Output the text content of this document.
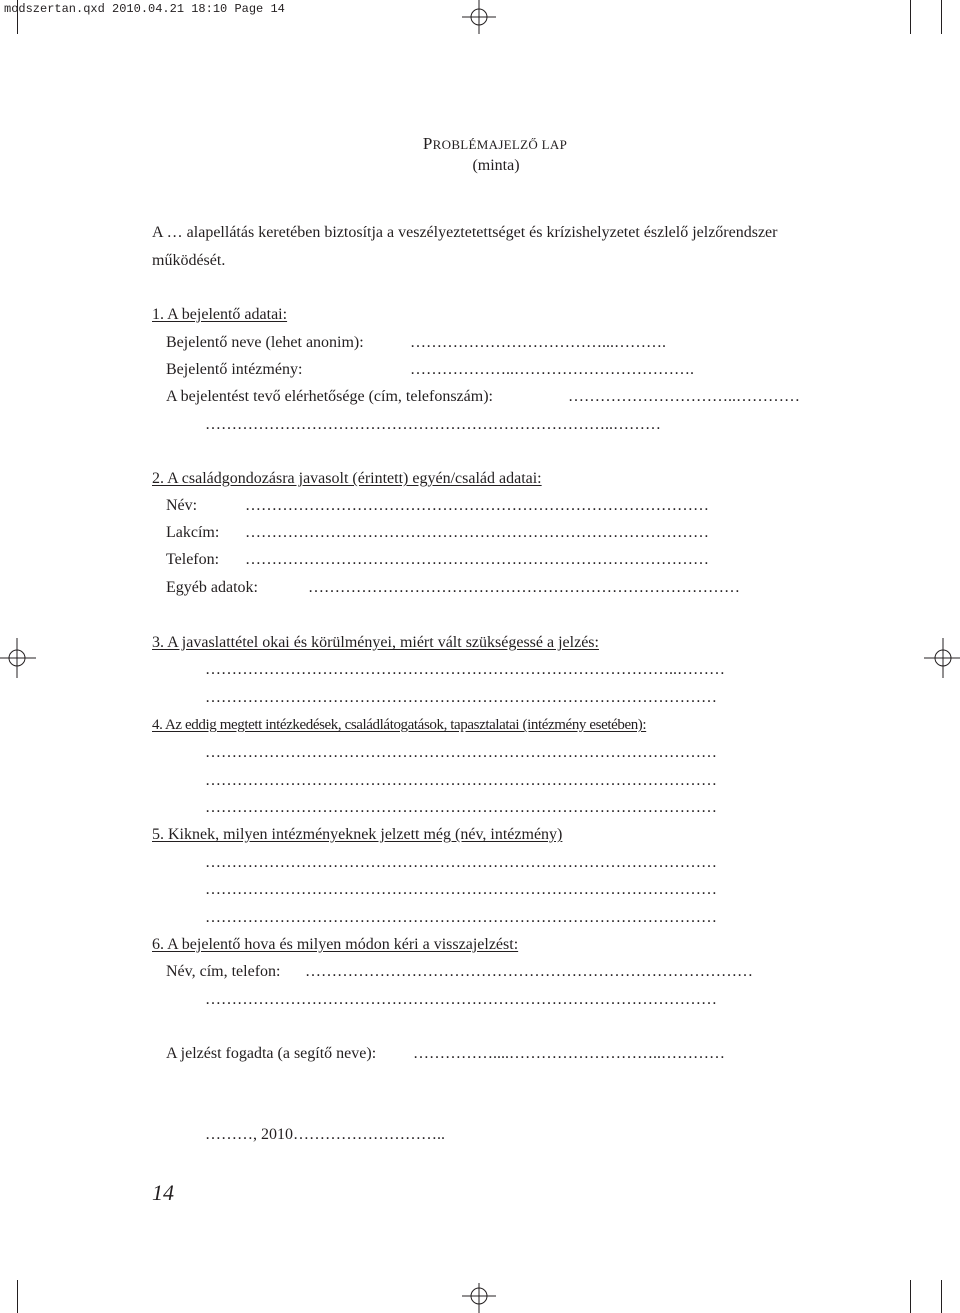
modszertan.qxd 2010.04.21 18:10 Page 14
PROBLÉMAJELZŐ LAP
(minta)
A … alapellátás keretében biztosítja a veszélyeztetettséget és krízishelyzetet észlelő jelzőrendszer
működését.
1. A bejelentő adatai:
Bejelentő neve (lehet anonim):	………………………………...……….
Bejelentő intézmény:	………………..…………………………….
A bejelentést tevő elérhetősége (cím, telefonszám):	…………………………..…………
…………………………………………………………………..………
2. A családgondozásra javasolt (érintett) egyén/család adatai:
Név:	……………………………………………………………………………
Lakcím: ……………………………………………………………………………
Telefon: ……………………………………………………………………………
Egyéb adatok:	………………………………………………………………………
3. A javaslattétel okai és körülményei, miért vált szükségessé a jelzés:
……………………………………………………………………………..………
……………………………………………………………………………………
4. Az eddig megtett intézkedések, családlátogatások, tapasztalatai (intézmény esetében):
……………………………………………………………………………………
……………………………………………………………………………………
……………………………………………………………………………………
5. Kiknek, milyen intézményeknek jelzett még (név, intézmény)
……………………………………………………………………………………
……………………………………………………………………………………
……………………………………………………………………………………
6. A bejelentő hova és milyen módon kéri a visszajelzést:
Név, cím, telefon: …………………………………………………………………………
……………………………………………………………………………………
A jelzést fogadta (a segítő neve): ……………....………………………..…………
………, 2010………………………..
14
